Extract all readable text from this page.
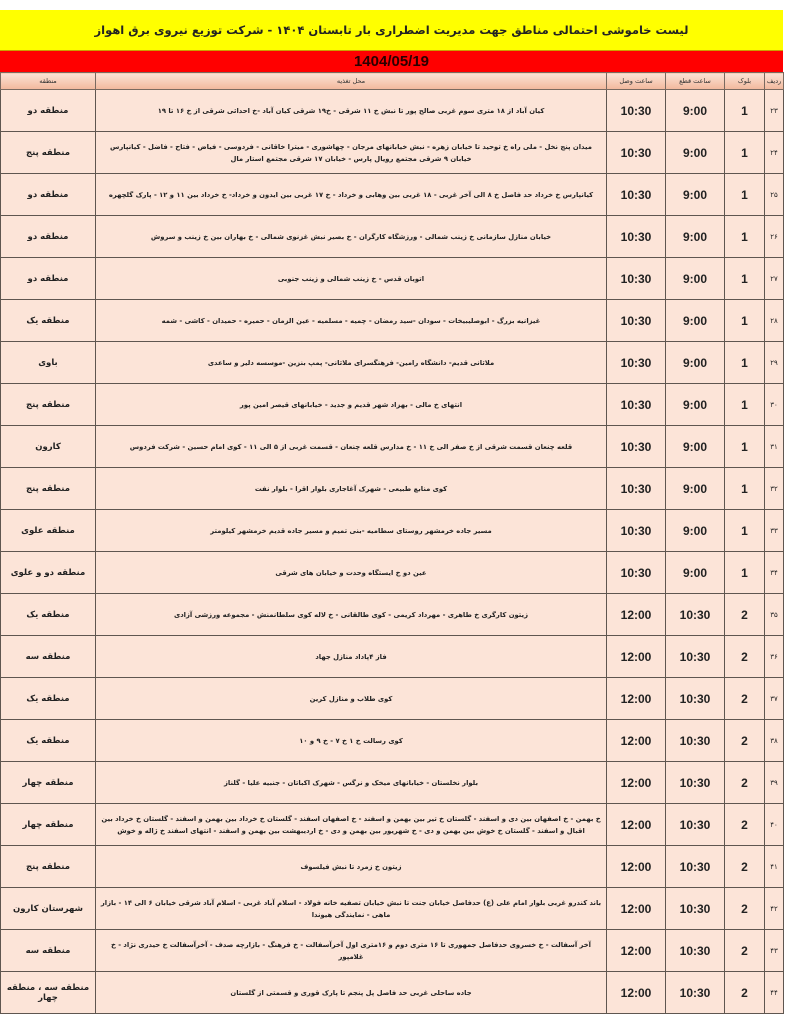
لیست خاموشی احتمالی مناطق جهت مدیریت اضطراری بار تابستان ۱۴۰۴ - شرکت توزیع نیروی برق اهواز
1404/05/19
ردیف	بلوک	ساعت قطع	ساعت وصل	محل تغذیه	منطقه
۲۳	1	9:00	10:30	کیان آباد از ۱۸ متری سوم غربی صالح پور تا نبش خ ۱۱ شرقی - خ۱۹ شرقی کیان آباد -خ احداثی شرقی از خ ۱۶ تا ۱۹	منطقه دو
۲۴	1	9:00	10:30	میدان پنج نخل - ملی راه خ توحید تا خیابان زهره - نبش خیابانهای مرجان - چهاشوری - میترا خاقانی - فردوسی - فیاض - فتاح - فاضل - کیانپارس خیابان ۹ شرقی مجتمع رویال پارس - خیابان ۱۷ شرقی مجتمع استار مال	منطقه پنج
۲۵	1	9:00	10:30	کیانپارس خ خرداد حد فاصل خ ۸ الی آخر غربی - ۱۸ غربی بین وهابی و خرداد - خ ۱۷ غربی بین ایدون و خرداد- خ خرداد بین ۱۱ و ۱۲ - پارک گلچهره	منطقه دو
۲۶	1	9:00	10:30	خیابان منازل سازمانی خ زینب شمالی - ورزشگاه کارگران - خ بصیر نبش غزنوی شمالی - خ بهاران بین خ زینب و سروش	منطقه دو
۲۷	1	9:00	10:30	اتوبان قدس - خ زینب شمالی و زینب جنوبی	منطقه دو
۲۸	1	9:00	10:30	غیزانیه بزرگ - ابوصلیبیخات - سودان -سید رمضان - چمیه - مسلمیه - عین الزمان - حمیره - حمیدان - کاشی - شمه	منطقه یک
۲۹	1	9:00	10:30	ملاثانی قدیم- دانشگاه رامین- فرهنگسرای ملاثانی- پمپ بنزین -موسسه دلیر و ساعدی	باوی
۳۰	1	9:00	10:30	انتهای خ مالی - بهزاد شهر قدیم و جدید - خیابانهای قیصر امین پور	منطقه پنج
۳۱	1	9:00	10:30	قلعه چنعان قسمت شرقی از خ صفر الی خ ۱۱ - خ مدارس قلعه چنعان - قسمت غربی از ۵ الی ۱۱ - کوی امام حسین - شرکت فردوس	کارون
۳۲	1	9:00	10:30	کوی منابع طبیعی - شهرک آغاجاری بلوار اقرا - بلوار نفت	منطقه پنج
۳۳	1	9:00	10:30	مسیر جاده خرمشهر روستای سطامیه -بنی تمیم و مسیر جاده قدیم خرمشهر کیلومتر	منطقه علوی
۳۴	1	9:00	10:30	عین دو خ ایستگاه وحدت و خیابان های شرقی	منطقه دو و علوی
۳۵	2	10:30	12:00	زیتون کارگری خ طاهری - مهرداد کریمی - کوی طالقانی - خ لاله کوی سلطانمنش - مجموعه ورزشی آزادی	منطقه یک
۳۶	2	10:30	12:00	فاز ۴پاداد منازل جهاد	منطقه سه
۳۷	2	10:30	12:00	کوی طلاب و منازل کرین	منطقه یک
۳۸	2	10:30	12:00	کوی رسالت خ ۱ خ ۷ - خ ۹ و ۱۰	منطقه یک
۳۹	2	10:30	12:00	بلوار نخلستان - خیابانهای میخک و نرگس - شهرک اکباتان - جنبیه علیا - گلناز	منطقه چهار
۴۰	2	10:30	12:00	خ بهمن - خ اصفهان بین دی و اسفند - گلستان خ تیر بین بهمن و اسفند - خ اصفهان اسفند - گلستان خ خرداد بین بهمن و اسفند - گلستان خ خرداد بین اقبال و اسفند - گلستان خ خوش بین بهمن و دی - خ شهریور بین بهمن و دی - خ اردیبهشت بین بهمن و اسفند - انتهای اسفند خ ژاله و خوش	منطقه چهار
۴۱	2	10:30	12:00	زیتون خ زمرد تا نبش فیلسوف	منطقه پنج
۴۲	2	10:30	12:00	باند کندرو غربی بلوار امام علی (ع) حدفاصل خیابان جنت تا نبش خیابان تصفیه خانه فولاد - اسلام آباد غربی - اسلام آباد شرقی خیابان ۶ الی ۱۴ - بازار ماهی - نمایندگی هیوندا	شهرستان کارون
۴۳	2	10:30	12:00	آخر آسفالت - خ خسروی حدفاصل جمهوری تا ۱۶ متری دوم و ۱۶متری اول آخرآسفالت - خ فرهنگ - بازارچه صدف - آخرآسفالت خ حیدری نژاد - خ غلامپور	منطقه سه
۴۴	2	10:30	12:00	جاده ساحلی غربی حد فاصل پل پنجم تا پارک قوری و قسمتی از گلستان	منطقه سه ، منطقه چهار
